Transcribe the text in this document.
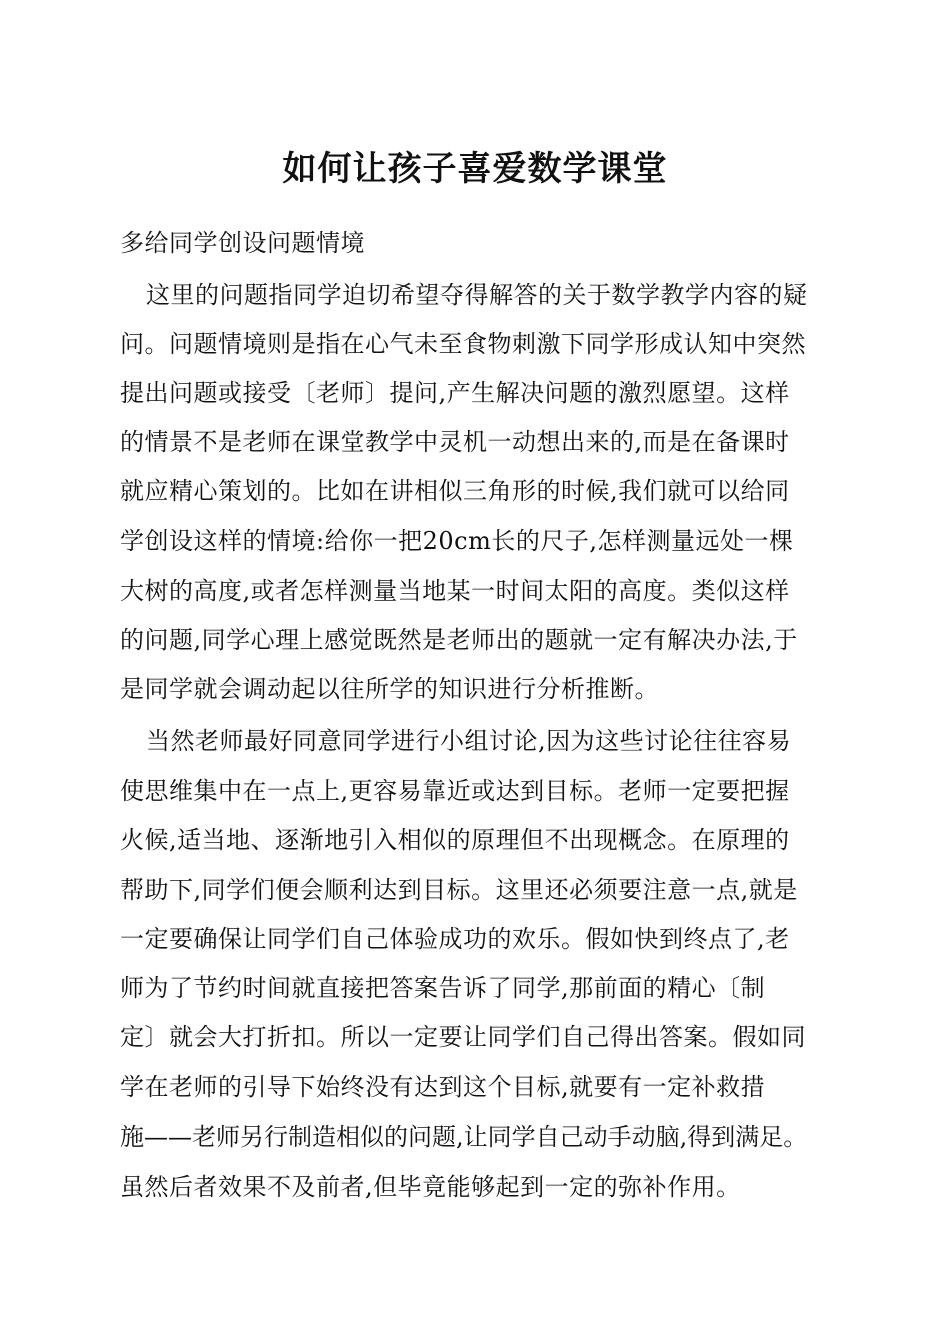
如何让孩子喜爱数学课堂
多给同学创设问题情境
这里的问题指同学迫切希望夺得解答的关于数学教学内容的疑
问。问题情境则是指在心气未至食物刺激下同学形成认知中突然
提出问题或接受〔老师〕提问,产生解决问题的激烈愿望。这样
的情景不是老师在课堂教学中灵机一动想出来的,而是在备课时
就应精心策划的。比如在讲相似三角形的时候,我们就可以给同
学创设这样的情境:给你一把20cm长的尺子,怎样测量远处一棵
大树的高度,或者怎样测量当地某一时间太阳的高度。类似这样
的问题,同学心理上感觉既然是老师出的题就一定有解决办法,于
是同学就会调动起以往所学的知识进行分析推断。
当然老师最好同意同学进行小组讨论,因为这些讨论往往容易
使思维集中在一点上,更容易靠近或达到目标。老师一定要把握
火候,适当地、逐渐地引入相似的原理但不出现概念。在原理的
帮助下,同学们便会顺利达到目标。这里还必须要注意一点,就是
一定要确保让同学们自己体验成功的欢乐。假如快到终点了,老
师为了节约时间就直接把答案告诉了同学,那前面的精心〔制
定〕就会大打折扣。所以一定要让同学们自己得出答案。假如同
学在老师的引导下始终没有达到这个目标,就要有一定补救措
施——老师另行制造相似的问题,让同学自己动手动脑,得到满足。
虽然后者效果不及前者,但毕竟能够起到一定的弥补作用。
